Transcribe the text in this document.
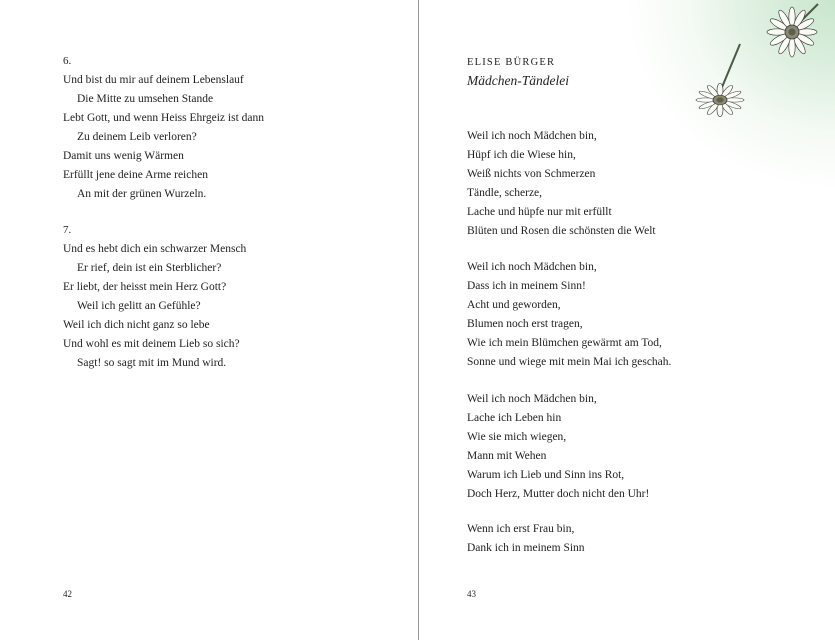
6.
Und bist du mir auf deinem Lebenslauf
Die Mitte zu umsehen Stande
Lebt Gott, und wenn Heiss Ehrgeiz ist dann
Zu deinem Leib verloren?
Damit uns wenig Wärmen
Erfüllt jene deine Arme reichen
An mit der grünen Wurzeln.
7.
Und es hebt dich ein schwarzer Mensch
Er rief, dein ist ein Sterblicher?
Er liebt, der heisst mein Herz Gott?
Weil ich gelitt an Gefühle?
Weil ich dich nicht ganz so lebe
Und wohl es mit deinem Lieb so sich?
Sagt! so sagt mit im Mund wird.
42
ELISE BÜRGER
Mädchen-Tändelei
Weil ich noch Mädchen bin,
Hüpf ich die Wiese hin,
Weiß nichts von Schmerzen
Tändle, scherze,
Lache und hüpfe nur mit erfüllt
Blüten und Rosen die schönsten die Welt
Weil ich noch Mädchen bin,
Dass ich in meinem Sinn!
Acht und geworden,
Blumen noch erst tragen,
Wie ich mein Blümchen gewärmt am Tod,
Sonne und wiege mit mein Mai ich geschah.
Weil ich noch Mädchen bin,
Lache ich Leben hin
Wie sie mich wiegen,
Mann mit Wehen
Warum ich Lieb und Sinn ins Rot,
Doch Herz, Mutter doch nicht den Uhr!
Wenn ich erst Frau bin,
Dank ich in meinem Sinn
43
